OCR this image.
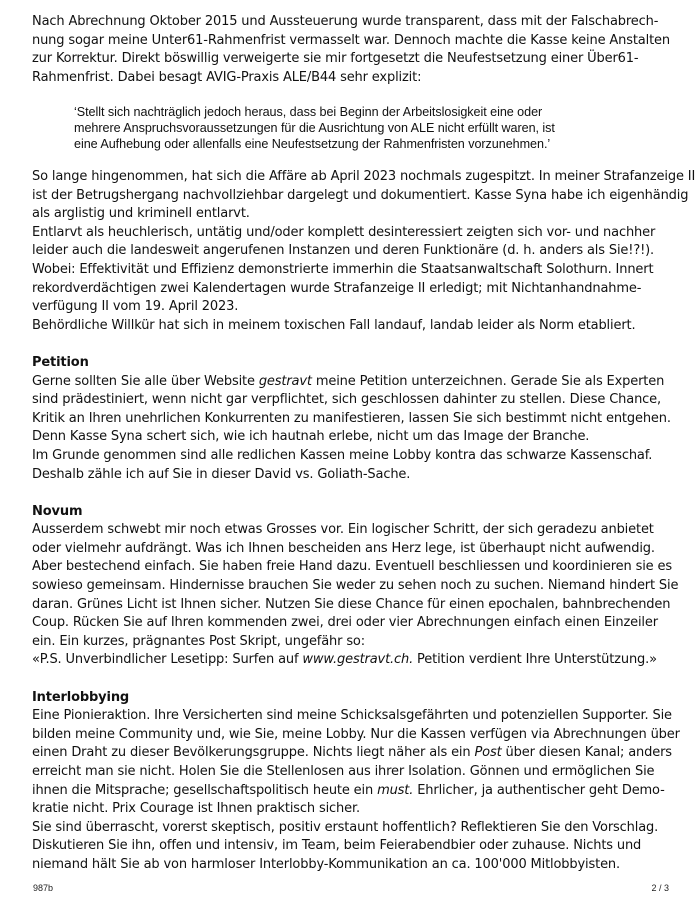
Nach Abrechnung Oktober 2015 und Aussteuerung wurde transparent, dass mit der Falschabrech-
nung sogar meine Unter61-Rahmenfrist vermasselt war. Dennoch machte die Kasse keine Anstalten
zur Korrektur. Direkt böswillig verweigerte sie mir fortgesetzt die Neufestsetzung einer Über61-
Rahmenfrist. Dabei besagt AVIG-Praxis ALE/B44 sehr explizit:
‘Stellt sich nachträglich jedoch heraus, dass bei Beginn der Arbeitslosigkeit eine oder
mehrere Anspruchsvoraussetzungen für die Ausrichtung von ALE nicht erfüllt waren, ist
eine Aufhebung oder allenfalls eine Neufestsetzung der Rahmenfristen vorzunehmen.’
So lange hingenommen, hat sich die Affäre ab April 2023 nochmals zugespitzt. In meiner Strafanzeige II
ist der Betrugshergang nachvollziehbar dargelegt und dokumentiert. Kasse Syna habe ich eigenhändig
als arglistig und kriminell entlarvt.
Entlarvt als heuchlerisch, untätig und/oder komplett desinteressiert zeigten sich vor- und nachher
leider auch die landesweit angerufenen Instanzen und deren Funktionäre (d. h. anders als Sie!?!).
Wobei: Effektivität und Effizienz demonstrierte immerhin die Staatsanwaltschaft Solothurn. Innert
rekordverdächtigen zwei Kalendertagen wurde Strafanzeige II erledigt; mit Nichtanhandnahme-
verfügung II vom 19. April 2023.
Behördliche Willkür hat sich in meinem toxischen Fall landauf, landab leider als Norm etabliert.
Petition
Gerne sollten Sie alle über Website gestravt meine Petition unterzeichnen. Gerade Sie als Experten
sind prädestiniert, wenn nicht gar verpflichtet, sich geschlossen dahinter zu stellen. Diese Chance,
Kritik an Ihren unehrlichen Konkurrenten zu manifestieren, lassen Sie sich bestimmt nicht entgehen.
Denn Kasse Syna schert sich, wie ich hautnah erlebe, nicht um das Image der Branche.
Im Grunde genommen sind alle redlichen Kassen meine Lobby kontra das schwarze Kassenschaf.
Deshalb zähle ich auf Sie in dieser David vs. Goliath-Sache.
Novum
Ausserdem schwebt mir noch etwas Grosses vor. Ein logischer Schritt, der sich geradezu anbietet
oder vielmehr aufdrängt. Was ich Ihnen bescheiden ans Herz lege, ist überhaupt nicht aufwendig.
Aber bestechend einfach. Sie haben freie Hand dazu. Eventuell beschliessen und koordinieren sie es
sowieso gemeinsam. Hindernisse brauchen Sie weder zu sehen noch zu suchen. Niemand hindert Sie
daran. Grünes Licht ist Ihnen sicher. Nutzen Sie diese Chance für einen epochalen, bahnbrechenden
Coup. Rücken Sie auf Ihren kommenden zwei, drei oder vier Abrechnungen einfach einen Einzeiler
ein. Ein kurzes, prägnantes Post Skript, ungefähr so:
«P.S. Unverbindlicher Lesetipp: Surfen auf www.gestravt.ch. Petition verdient Ihre Unterstützung.»
Interlobbying
Eine Pionieraktion. Ihre Versicherten sind meine Schicksalsgefährten und potenziellen Supporter. Sie
bilden meine Community und, wie Sie, meine Lobby. Nur die Kassen verfügen via Abrechnungen über
einen Draht zu dieser Bevölkerungsgruppe. Nichts liegt näher als ein Post über diesen Kanal; anders
erreicht man sie nicht. Holen Sie die Stellenlosen aus ihrer Isolation. Gönnen und ermöglichen Sie
ihnen die Mitsprache; gesellschaftspolitisch heute ein must. Ehrlicher, ja authentischer geht Demo-
kratie nicht. Prix Courage ist Ihnen praktisch sicher.
Sie sind überrascht, vorerst skeptisch, positiv erstaunt hoffentlich? Reflektieren Sie den Vorschlag.
Diskutieren Sie ihn, offen und intensiv, im Team, beim Feierabendbier oder zuhause. Nichts und
niemand hält Sie ab von harmloser Interlobby-Kommunikation an ca. 100'000 Mitlobbyisten.
987b	2 / 3
